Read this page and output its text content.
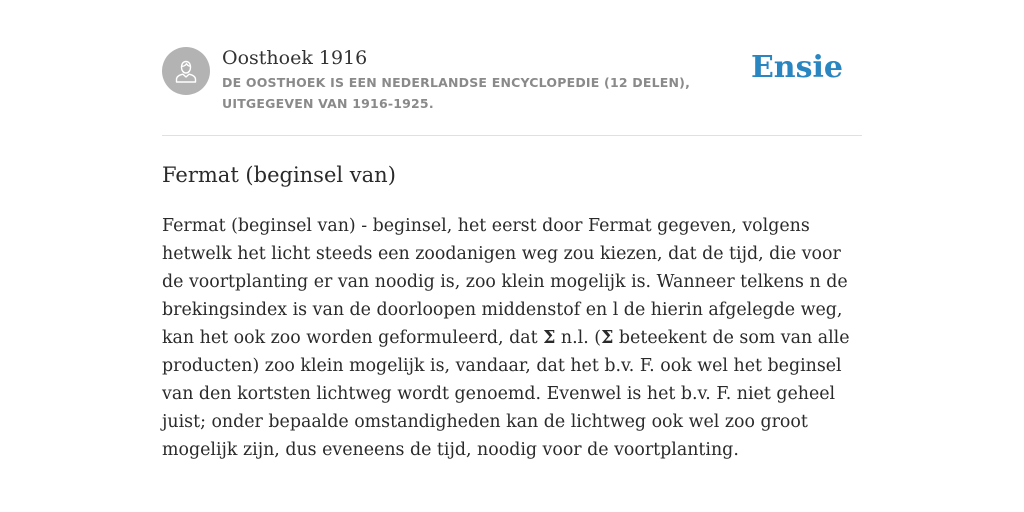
Oosthoek 1916
DE OOSTHOEK IS EEN NEDERLANDSE ENCYCLOPEDIE (12 DELEN), UITGEGEVEN VAN 1916-1925.
Ensie
Fermat (beginsel van)

Fermat (beginsel van) - beginsel, het eerst door Fermat gegeven, volgens hetwelk het licht steeds een zoodanigen weg zou kiezen, dat de tijd, die voor de voortplanting er van noodig is, zoo klein mogelijk is. Wanneer telkens n de brekingsindex is van de doorloopen middenstof en l de hierin afgelegde weg, kan het ook zoo worden geformuleerd, dat Σ n.l. (Σ beteekent de som van alle producten) zoo klein mogelijk is, vandaar, dat het b.v. F. ook wel het beginsel van den kortsten lichtweg wordt genoemd. Evenwel is het b.v. F. niet geheel juist; onder bepaalde omstandigheden kan de lichtweg ook wel zoo groot mogelijk zijn, dus eveneens de tijd, noodig voor de voortplanting.
